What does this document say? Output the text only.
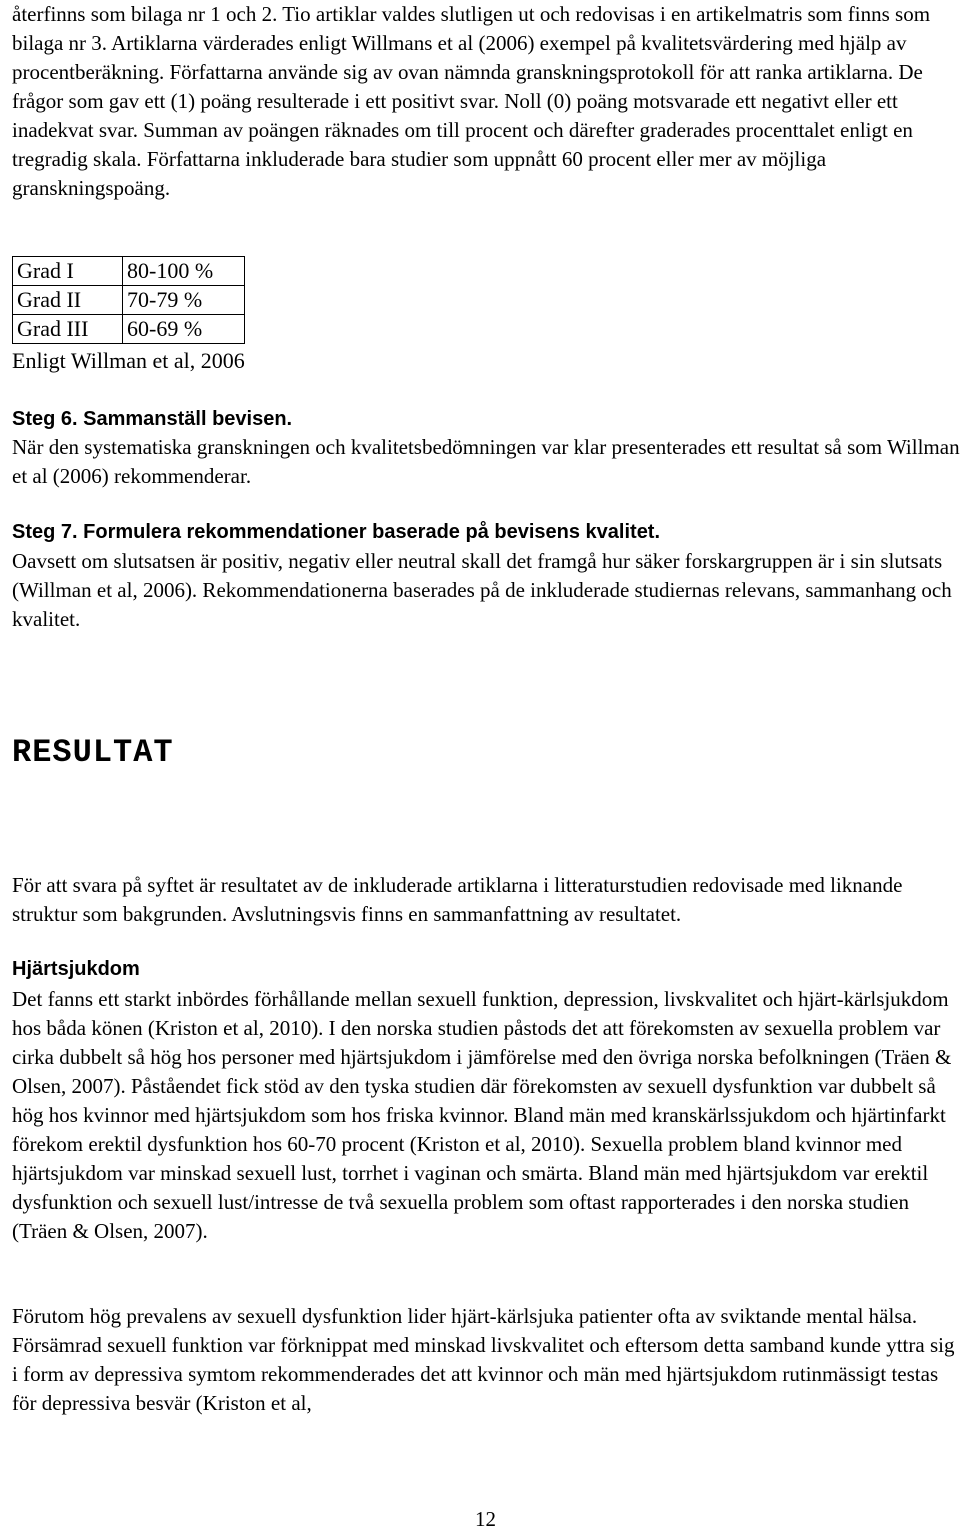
återfinns som bilaga nr 1 och 2. Tio artiklar valdes slutligen ut och redovisas i en artikelmatris som finns som bilaga nr 3. Artiklarna värderades enligt Willmans et al (2006) exempel på kvalitetsvärdering med hjälp av procentberäkning. Författarna använde sig av ovan nämnda granskningsprotokoll för att ranka artiklarna. De frågor som gav ett (1) poäng resulterade i ett positivt svar. Noll (0) poäng motsvarade ett negativt eller ett inadekvat svar. Summan av poängen räknades om till procent och därefter graderades procenttalet enligt en tregradig skala. Författarna inkluderade bara studier som uppnått 60 procent eller mer av möjliga granskningspoäng.

Grad I	80-100 %
Grad II	70-79 %
Grad III	60-69 %

Enligt Willman et al, 2006

Steg 6. Sammanställ bevisen.

När den systematiska granskningen och kvalitetsbedömningen var klar presenterades ett resultat så som Willman et al (2006) rekommenderar.

Steg 7. Formulera rekommendationer baserade på bevisens kvalitet.

Oavsett om slutsatsen är positiv, negativ eller neutral skall det framgå hur säker forskargruppen är i sin slutsats (Willman et al, 2006). Rekommendationerna baserades på de inkluderade studiernas relevans, sammanhang och kvalitet.

RESULTAT

För att svara på syftet är resultatet av de inkluderade artiklarna i litteraturstudien redovisade med liknande struktur som bakgrunden. Avslutningsvis finns en sammanfattning av resultatet.

Hjärtsjukdom

Det fanns ett starkt inbördes förhållande mellan sexuell funktion, depression, livskvalitet och hjärt-kärlsjukdom hos båda könen (Kriston et al, 2010). I den norska studien påstods det att förekomsten av sexuella problem var cirka dubbelt så hög hos personer med hjärtsjukdom i jämförelse med den övriga norska befolkningen (Träen & Olsen, 2007). Påståendet fick stöd av den tyska studien där förekomsten av sexuell dysfunktion var dubbelt så hög hos kvinnor med hjärtsjukdom som hos friska kvinnor. Bland män med kranskärlssjukdom och hjärtinfarkt förekom erektil dysfunktion hos 60-70 procent (Kriston et al, 2010). Sexuella problem bland kvinnor med hjärtsjukdom var minskad sexuell lust, torrhet i vaginan och smärta. Bland män med hjärtsjukdom var erektil dysfunktion och sexuell lust/intresse de två sexuella problem som oftast rapporterades i den norska studien (Träen & Olsen, 2007).

Förutom hög prevalens av sexuell dysfunktion lider hjärt-kärlsjuka patienter ofta av sviktande mental hälsa. Försämrad sexuell funktion var förknippat med minskad livskvalitet och eftersom detta samband kunde yttra sig i form av depressiva symtom rekommenderades det att kvinnor och män med hjärtsjukdom rutinmässigt testas för depressiva besvär (Kriston et al,

12
